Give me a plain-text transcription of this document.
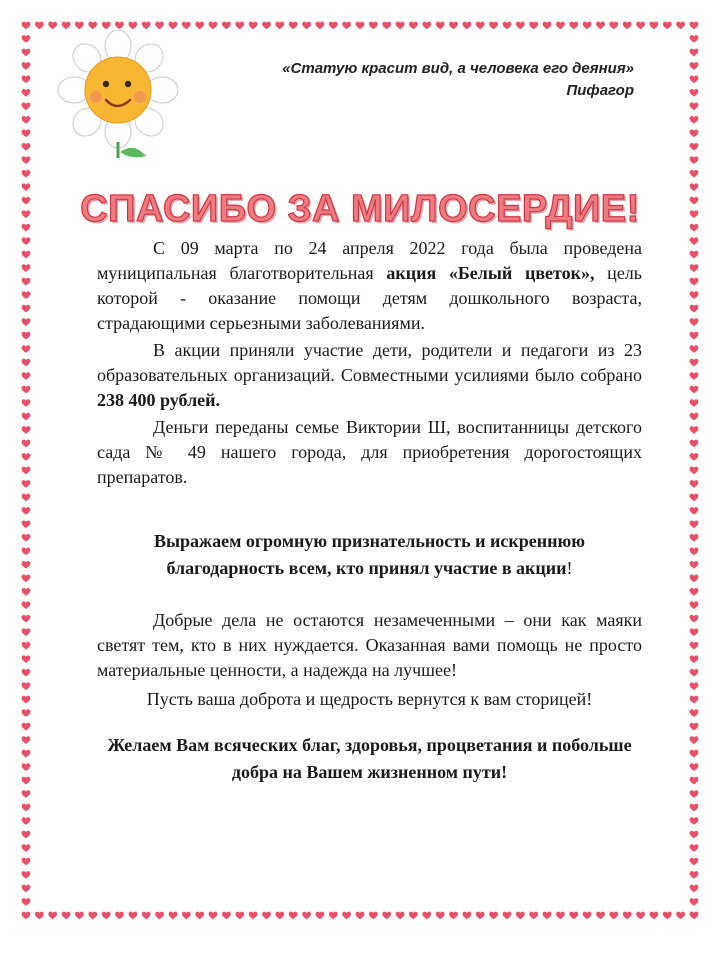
«Статую красит вид, а человека его деяния»
Пифагор
СПАСИБО ЗА МИЛОСЕРДИЕ!

С 09 марта по 24 апреля 2022 года была проведена муниципальная благотворительная акция «Белый цветок», цель которой - оказание помощи детям дошкольного возраста, страдающими серьезными заболеваниями.

В акции приняли участие дети, родители и педагоги из 23 образовательных организаций. Совместными усилиями было собрано 238 400 рублей.

Деньги переданы семье Виктории Ш, воспитанницы детского сада № 49 нашего города, для приобретения дорогостоящих препаратов.

Выражаем огромную признательность и искреннюю благодарность всем, кто принял участие в акции!

Добрые дела не остаются незамеченными – они как маяки светят тем, кто в них нуждается. Оказанная вами помощь не просто материальные ценности, а надежда на лучшее!

Пусть ваша доброта и щедрость вернутся к вам сторицей!

Желаем Вам всяческих благ, здоровья, процветания и побольше добра на Вашем жизненном пути!
